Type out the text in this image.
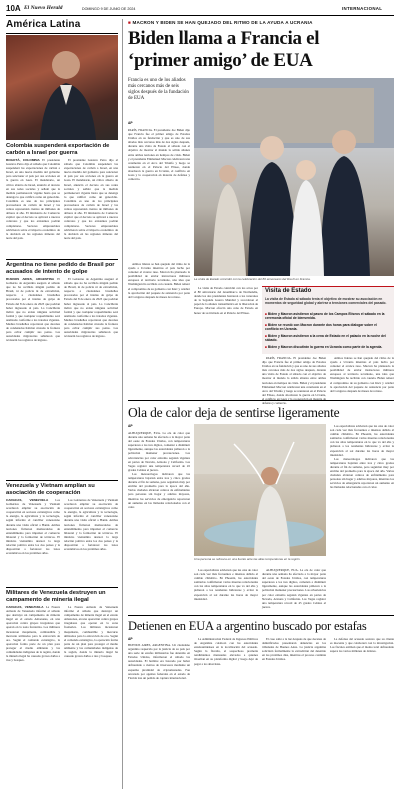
10A El Nuevo Herald	DOMINGO 9 DE JUNIO DE 2024	INTERNACIONAL
América Latina
Colombia suspenderá exportación de carbón a Israel por guerra

BOGOTÁ, COLOMBIA El presidente Gustavo Petro dijo el sábado que Colombia suspenderá las exportaciones de carbón a Israel, en una nueva medida del gobierno para sancionar al país por sus acciones en la guerra en Gaza. El mandatario, un crítico abierto de Israel, anunció el decreto en sus redes sociales y señaló que la medida permanecerá vigente hasta que se detenga lo que calificó como un genocidio. Colombia es uno de los principales proveedores de carbón de Israel y las ventas representan cientos de millones de dólares al año. El ministerio de Comercio explicó que el decreto se aplicará a nuevos contratos y que los existentes podrán completarse. Sectores empresariales advirtieron sobre el impacto económico de la decisión en las regiones mineras del norte del país.

El presidente Gustavo Petro dijo el sábado que Colombia suspenderá las exportaciones de carbón a Israel, en una nueva medida del gobierno para sancionar al país por sus acciones en la guerra en Gaza. El mandatario, un crítico abierto de Israel, anunció el decreto en sus redes sociales y señaló que la medida permanecerá vigente hasta que se detenga lo que calificó como un genocidio. Colombia es uno de los principales proveedores de carbón de Israel y las ventas representan cientos de millones de dólares al año. El ministerio de Comercio explicó que el decreto se aplicará a nuevos contratos y que los existentes podrán completarse. Sectores empresariales advirtieron sobre el impacto económico de la decisión en las regiones mineras del norte del país.

Argentina no tiene pedido de Brasil por acusados de intento de golpe

BUENOS AIRES, ARGENTINA El Gobierno de Argentina aseguró el sábado que no ha recibido ningún pedido de Brasil, ni de policía ni de extradición, respecto a ciudadanos brasileños procesados por el intento de golpe de Estado del 8 de enero de 2023 que podrían haber ingresado al país. La Cancillería indicó que no existe ninguna solicitud formal y que cualquier requerimiento será analizado conforme a los tratados vigentes. Medios brasileños reportaron que decenas de condenados habrían cruzado la frontera para evitar cumplir sus penas. Las autoridades migratorias señalaron que revisarán los registros de ingreso.

El Gobierno de Argentina aseguró el sábado que no ha recibido ningún pedido de Brasil, ni de policía ni de extradición, respecto a ciudadanos brasileños procesados por el intento de golpe de Estado del 8 de enero de 2023 que podrían haber ingresado al país. La Cancillería indicó que no existe ninguna solicitud formal y que cualquier requerimiento será analizado conforme a los tratados vigentes. Medios brasileños reportaron que decenas de condenados habrían cruzado la frontera para evitar cumplir sus penas. Las autoridades migratorias señalaron que revisarán los registros de ingreso.

Venezuela y Vietnam amplían su asociación de cooperación

CARACAS, VENEZUELA Los Gobiernos de Venezuela y Vietnam acordaron ampliar su asociación de cooperación en sectores estratégicos como la energía, la agricultura y la tecnología, según informó el canciller venezolano durante una visita oficial a Hanói. Ambas naciones firmaron memorandos de entendimiento para impulsar el comercio bilateral y la formación de técnicos. El ministro vietnamita destacó la larga relación política entre los dos países y la disposición a fortalecer los lazos económicos en los próximos años.

Los Gobiernos de Venezuela y Vietnam acordaron ampliar su asociación de cooperación en sectores estratégicos como la energía, la agricultura y la tecnología, según informó el canciller venezolano durante una visita oficial a Hanói. Ambas naciones firmaron memorandos de entendimiento para impulsar el comercio bilateral y la formación de técnicos. El ministro vietnamita destacó la larga relación política entre los dos países y la disposición a fortalecer los lazos económicos en los próximos años.

Militares de Venezuela destruyen un campamento de minería ilegal

CARACAS, VENEZUELA La Fuerza Armada de Venezuela informó el sábado que destruyó un campamento de minería ilegal en el estado Amazonas, en una operación contra grupos irregulares que operan en la zona fronteriza. Los militares incautaron maquinaria, combustible y mercurio utilizados para la extracción de oro. Según el comando estratégico, la operación forma parte de un plan para proteger el medio ambiente y las comunidades indígenas de la región, donde la minería ilegal ha causado graves daños a ríos y bosques.

La Fuerza Armada de Venezuela informó el sábado que destruyó un campamento de minería ilegal en el estado Amazonas, en una operación contra grupos irregulares que operan en la zona fronteriza. Los militares incautaron maquinaria, combustible y mercurio utilizados para la extracción de oro. Según el comando estratégico, la operación forma parte de un plan para proteger el medio ambiente y las comunidades indígenas de la región, donde la minería ilegal ha causado graves daños a ríos y bosques.

■ MACRON Y BIDEN SE HAN QUEJADO DEL RITMO DE LA AYUDA A UCRANIA
Biden llama a Francia el
‘primer amigo’ de EUA
Francia es uno de los aliados más cercanos más de seis siglos después de la fundación de EUA
AP

PARÍS, FRANCIA. El presidente Joe Biden dijo que Francia fue el primer amigo de Estados Unidos en su fundación y que es uno de sus aliados más cercanos más de dos siglos después, durante una visita de Estado al sábado con el objetivo de mostrar al mundo la sólida alianza entre ambas naciones en tiempos de crisis. Biden y el presidente Emmanuel Macron celebraron una ceremonia en el Arco del Triunfo y luego se reunieron en el Palacio del Elíseo, donde abordaron la guerra en Ucrania, el conflicto en Gaza y la cooperación en materia de defensa y comercio.

La visita de Estado coincidió con la celebración del 80 aniversario del Día D en Francia.

Ambos líderes se han quejado del ritmo de la ayuda a Ucrania mientras el país lucha por contener el avance ruso. Macron ha planteado la posibilidad de enviar instructores militares europeos al territorio ucraniano, una idea que Washington ha recibido con cautela. Biden reiteró el compromiso de su gobierno con Kiev y celebró la aprobación del paquete de asistencia por parte del Congreso después de meses de retraso.

La visita de Estado coincidió con los actos por el 80 aniversario del desembarco de Normandía, donde los dos presidentes honraron a los veteranos de la Segunda Guerra Mundial y recordaron el papel de la alianza transatlántica en la liberación de Europa. Macron ofreció una cena de Estado en honor de su invitado en el Palacio del Elíseo.

PARÍS, FRANCIA. El presidente Joe Biden dijo que Francia fue el primer amigo de Estados Unidos en su fundación y que es uno de sus aliados más cercanos más de dos siglos después, durante una visita de Estado al sábado con el objetivo de mostrar al mundo la sólida alianza entre ambas naciones en tiempos de crisis. Biden y el presidente Emmanuel Macron celebraron una ceremonia en el Arco del Triunfo y luego se reunieron en el Palacio del Elíseo, donde abordaron la guerra en Ucrania, el conflicto en Gaza y la cooperación en materia de defensa y comercio.

Ambos líderes se han quejado del ritmo de la ayuda a Ucrania mientras el país lucha por contener el avance ruso. Macron ha planteado la posibilidad de enviar instructores militares europeos al territorio ucraniano, una idea que Washington ha recibido con cautela. Biden reiteró el compromiso de su gobierno con Kiev y celebró la aprobación del paquete de asistencia por parte del Congreso después de meses de retraso.

Visita de Estado
La visita de Estado al sábado tenía el objetivo de mostrar su asociación en momentos de seguridad global y abrirse a tensiones comerciales del pasado.
■ Biden y Macron asistieron al paseo de los Campos Elíseos el sábado en la ceremonia oficial de bienvenida.
■ Biden se reunió con Macron durante dos horas para dialogar sobre el conflicto en Ucrania.
■ Biden y Macron asistieron a la cena de Estado en el palacio en la noche del sábado.
■ Biden y Macron discutirán la guerra en Ucrania como parte de la agenda.
Ola de calor deja de sentirse ligeramente
AP

ALBUQUERQUE, EUA. La ola de calor que durante una semana ha afectado a la mayor parte del oeste de Estados Unidos, con temperaturas superiores a los tres dígitos, comenzó a disminuir ligeramente, aunque las autoridades pidieron a la población mantener precauciones. Las advertencias por calor extremo seguían vigentes en partes de Nevada, Arizona y California. Las Vegas registró una temperatura récord de 45 grados Celsius el jueves.

Los meteorólogos indicaron que las temperaturas bajarían entre tres y cinco grados durante el fin de semana, pero seguirían muy por encima del promedio para la época del año. Varias ciudades abrieron centros de enfriamiento para personas sin hogar y adultos mayores, mientras los servicios de emergencia reportaron un aumento en las llamadas relacionadas con el calor.

Una persona se refresca en una fuente ante las altas temperaturas en la región.

Los especialistas advierten que las olas de calor son cada vez más frecuentes e intensas debido al cambio climático. En Phoenix, las autoridades sanitarias confirmaron varias muertes relacionadas con las altas temperaturas en lo que va del año y pidieron a los residentes hidratarse y evitar la exposición al sol durante las horas de mayor intensidad.

Los meteorólogos indicaron que las temperaturas bajarían entre tres y cinco grados durante el fin de semana, pero seguirían muy por encima del promedio para la época del año. Varias ciudades abrieron centros de enfriamiento para personas sin hogar y adultos mayores, mientras los servicios de emergencia reportaron un aumento en las llamadas relacionadas con el calor.

Los especialistas advierten que las olas de calor son cada vez más frecuentes e intensas debido al cambio climático. En Phoenix, las autoridades sanitarias confirmaron varias muertes relacionadas con las altas temperaturas en lo que va del año y pidieron a los residentes hidratarse y evitar la exposición al sol durante las horas de mayor intensidad.

ALBUQUERQUE, EUA. La ola de calor que durante una semana ha afectado a la mayor parte del oeste de Estados Unidos, con temperaturas superiores a los tres dígitos, comenzó a disminuir ligeramente, aunque las autoridades pidieron a la población mantener precauciones. Las advertencias por calor extremo seguían vigentes en partes de Nevada, Arizona y California. Las Vegas registró una temperatura récord de 45 grados Celsius el jueves.

Detienen en EUA a argentino buscado por estafas
AP

BUENOS AIRES, ARGENTINA. Un ciudadano argentino requerido por la justicia de su país por una serie de estafas millonarias fue detenido en Estados Unidos, informaron el sábado las autoridades. El hombre era buscado por haber defraudado a cientos de inversores mediante un esquema piramidal de criptomonedas. Fue arrestado por agentes federales en el estado de Florida tras un pedido de captura internacional.

La Administración Federal de Ingresos Públicos de Argentina colaboró con las autoridades estadounidenses en la localización del acusado. Según la fiscalía, el sospechoso prometía rendimientos mensuales elevados a quienes invertían en su plataforma digital y luego dejó de pagar a los ahorristas.

El caso salió a la luz después de que decenas de damnificados presentaran denuncias en los tribunales de Buenos Aires. La justicia argentina solicitará formalmente la extradición del detenido en los próximos días, mientras el proceso continúa en Estados Unidos.

La defensa del acusado sostuvo que su cliente es inocente y que colaborará con la investigación. Los fiscales estiman que el monto total defraudado supera los varios millones de dólares.
